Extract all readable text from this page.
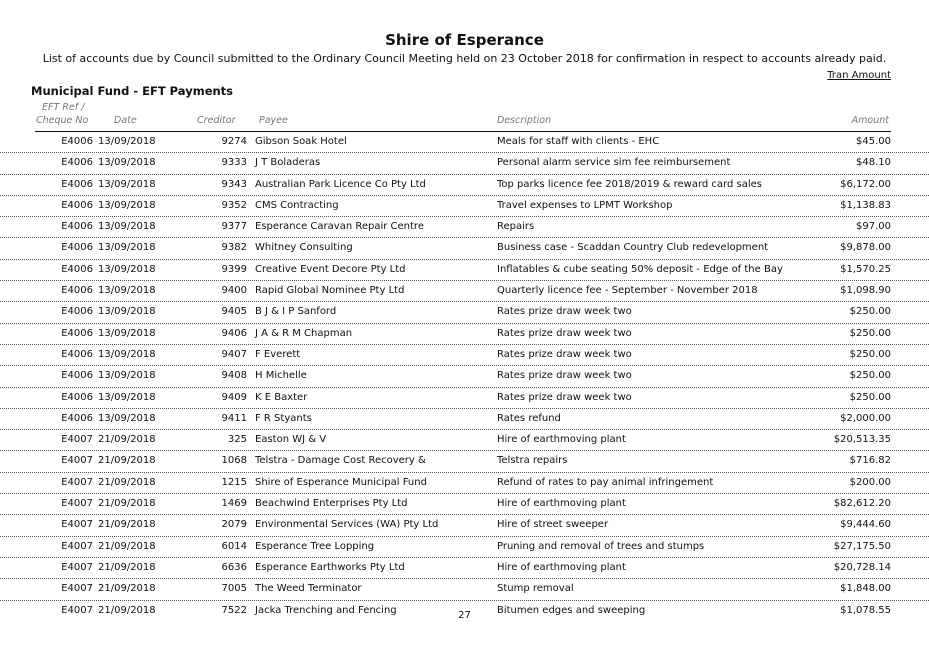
Shire of Esperance
List of accounts due by Council submitted to the Ordinary Council Meeting held on 23 October 2018 for confirmation in respect to accounts already paid.
Tran Amount
Municipal Fund - EFT Payments
EFT Ref /
Cheque No	Date	Creditor Payee	Description	Amount
E4006 13/09/2018	9274 Gibson Soak Hotel	Meals for staff with clients - EHC	$45.00
E4006 13/09/2018	9333 J T Boladeras	Personal alarm service sim fee reimbursement	$48.10
E4006 13/09/2018	9343 Australian Park Licence Co Pty Ltd	Top parks licence fee 2018/2019 & reward card sales	$6,172.00
E4006 13/09/2018	9352 CMS Contracting	Travel expenses to LPMT Workshop	$1,138.83
E4006 13/09/2018	9377 Esperance Caravan Repair Centre	Repairs	$97.00
E4006 13/09/2018	9382 Whitney Consulting	Business case - Scaddan Country Club redevelopment	$9,878.00
E4006 13/09/2018	9399 Creative Event Decore Pty Ltd	Inflatables & cube seating 50% deposit - Edge of the Bay	$1,570.25
E4006 13/09/2018	9400 Rapid Global Nominee Pty Ltd	Quarterly licence fee - September - November 2018	$1,098.90
E4006 13/09/2018	9405 B J & I P Sanford	Rates prize draw week two	$250.00
E4006 13/09/2018	9406 J A & R M Chapman	Rates prize draw week two	$250.00
E4006 13/09/2018	9407 F Everett	Rates prize draw week two	$250.00
E4006 13/09/2018	9408 H Michelle	Rates prize draw week two	$250.00
E4006 13/09/2018	9409 K E Baxter	Rates prize draw week two	$250.00
E4006 13/09/2018	9411 F R Styants	Rates refund	$2,000.00
E4007 21/09/2018	325 Easton WJ & V	Hire of earthmoving plant	$20,513.35
E4007 21/09/2018	1068 Telstra - Damage Cost Recovery &	Telstra repairs	$716.82
E4007 21/09/2018	1215 Shire of Esperance Municipal Fund	Refund of rates to pay animal infringement	$200.00
E4007 21/09/2018	1469 Beachwind Enterprises Pty Ltd	Hire of earthmoving plant	$82,612.20
E4007 21/09/2018	2079 Environmental Services (WA) Pty Ltd	Hire of street sweeper	$9,444.60
E4007 21/09/2018	6014 Esperance Tree Lopping	Pruning and removal of trees and stumps	$27,175.50
E4007 21/09/2018	6636 Esperance Earthworks Pty Ltd	Hire of earthmoving plant	$20,728.14
E4007 21/09/2018	7005 The Weed Terminator	Stump removal	$1,848.00
E4007 21/09/2018	7522 Jacka Trenching and Fencing	Bitumen edges and sweeping	$1,078.55
27
